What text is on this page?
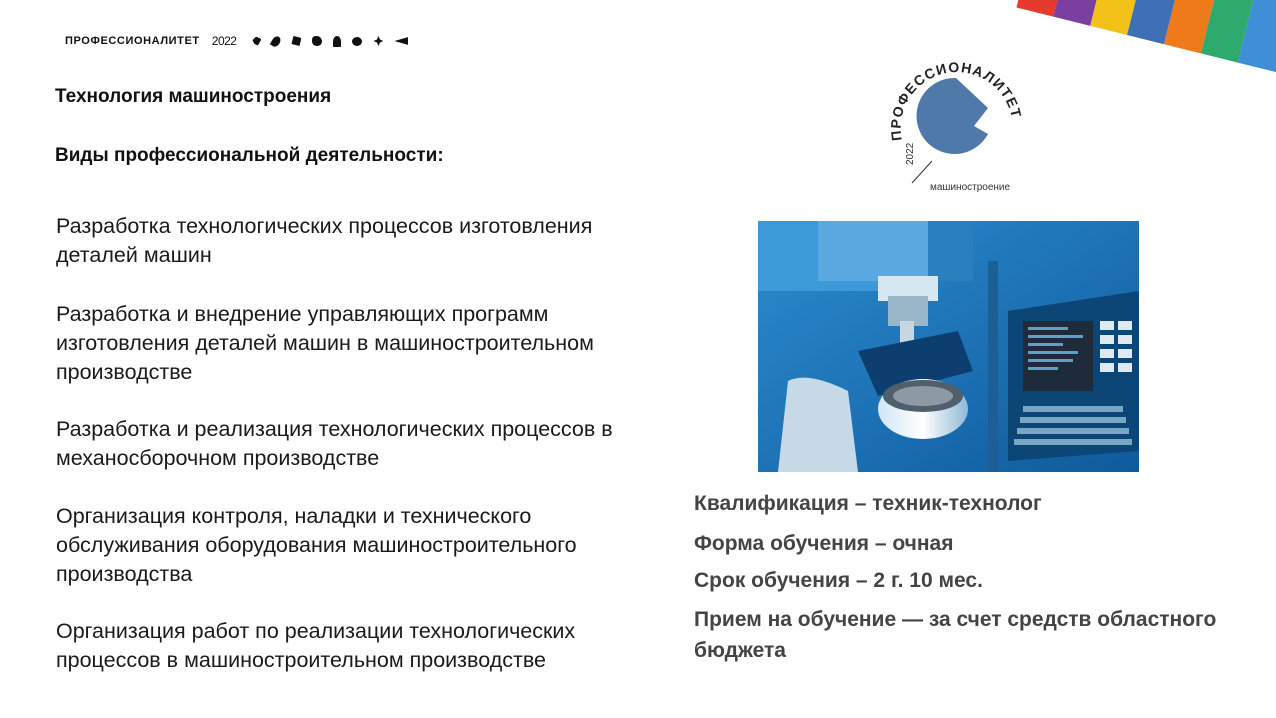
ПРОФЕССИОНАЛИТЕТ 2022
ПРОФЕССИОНАЛИТЕТ
2022
машиностроение
Технология машиностроения
Виды профессиональной деятельности:
Разработка технологических процессов изготовления
деталей машин
Разработка и внедрение управляющих программ
изготовления деталей машин в машиностроительном
производстве
Разработка и реализация технологических процессов в
механосборочном производстве
Организация контроля, наладки и технического
обслуживания оборудования машиностроительного
производства
Организация работ по реализации технологических
процессов в машиностроительном производстве

Квалификация – техник-технолог

Форма обучения – очная

Срок обучения – 2 г. 10 мес.

Прием на обучение — за счет средств областного
бюджета
